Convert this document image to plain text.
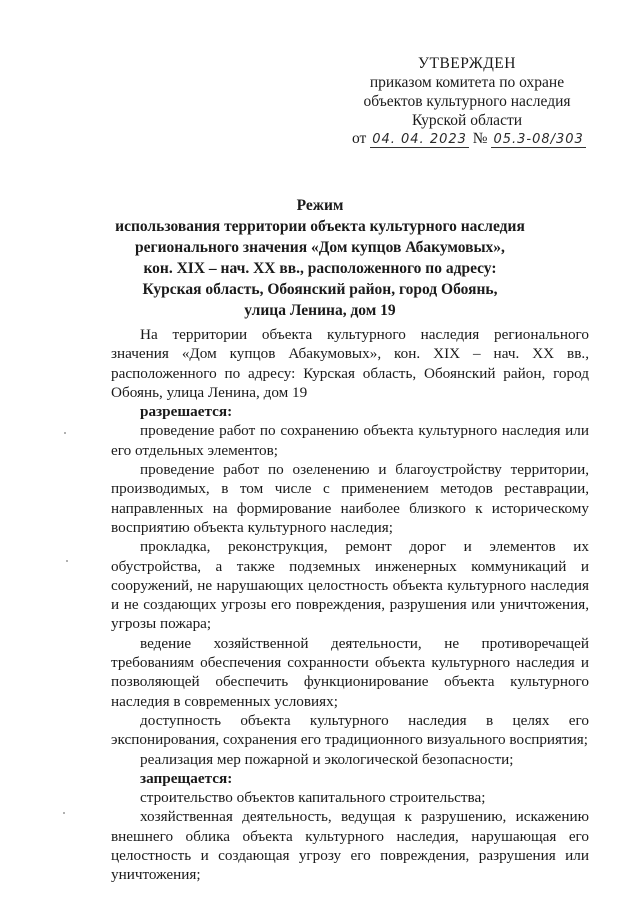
УТВЕРЖДЕН
приказом комитета по охране
объектов культурного наследия
Курской области
от 04. 04. 2023 № 05.3-08/303
Режим
использования территории объекта культурного наследия
регионального значения «Дом купцов Абакумовых»,
кон. XIX – нач. XX вв., расположенного по адресу:
Курская область, Обоянский район, город Обоянь,
улица Ленина, дом 19

На территории объекта культурного наследия регионального значения «Дом купцов Абакумовых», кон. XIX – нач. XX вв., расположенного по адресу: Курская область, Обоянский район, город Обоянь, улица Ленина, дом 19

разрешается:

проведение работ по сохранению объекта культурного наследия или его отдельных элементов;

проведение работ по озеленению и благоустройству территории, производимых, в том числе с применением методов реставрации, направленных на формирование наиболее близкого к историческому восприятию объекта культурного наследия;

прокладка, реконструкция, ремонт дорог и элементов их обустройства, а также подземных инженерных коммуникаций и сооружений, не нарушающих целостность объекта культурного наследия и не создающих угрозы его повреждения, разрушения или уничтожения, угрозы пожара;

ведение хозяйственной деятельности, не противоречащей требованиям обеспечения сохранности объекта культурного наследия и позволяющей обеспечить функционирование объекта культурного наследия в современных условиях;

доступность объекта культурного наследия в целях его экспонирования, сохранения его традиционного визуального восприятия;

реализация мер пожарной и экологической безопасности;

запрещается:

строительство объектов капитального строительства;

хозяйственная деятельность, ведущая к разрушению, искажению внешнего облика объекта культурного наследия, нарушающая его целостность и создающая угрозу его повреждения, разрушения или уничтожения;
